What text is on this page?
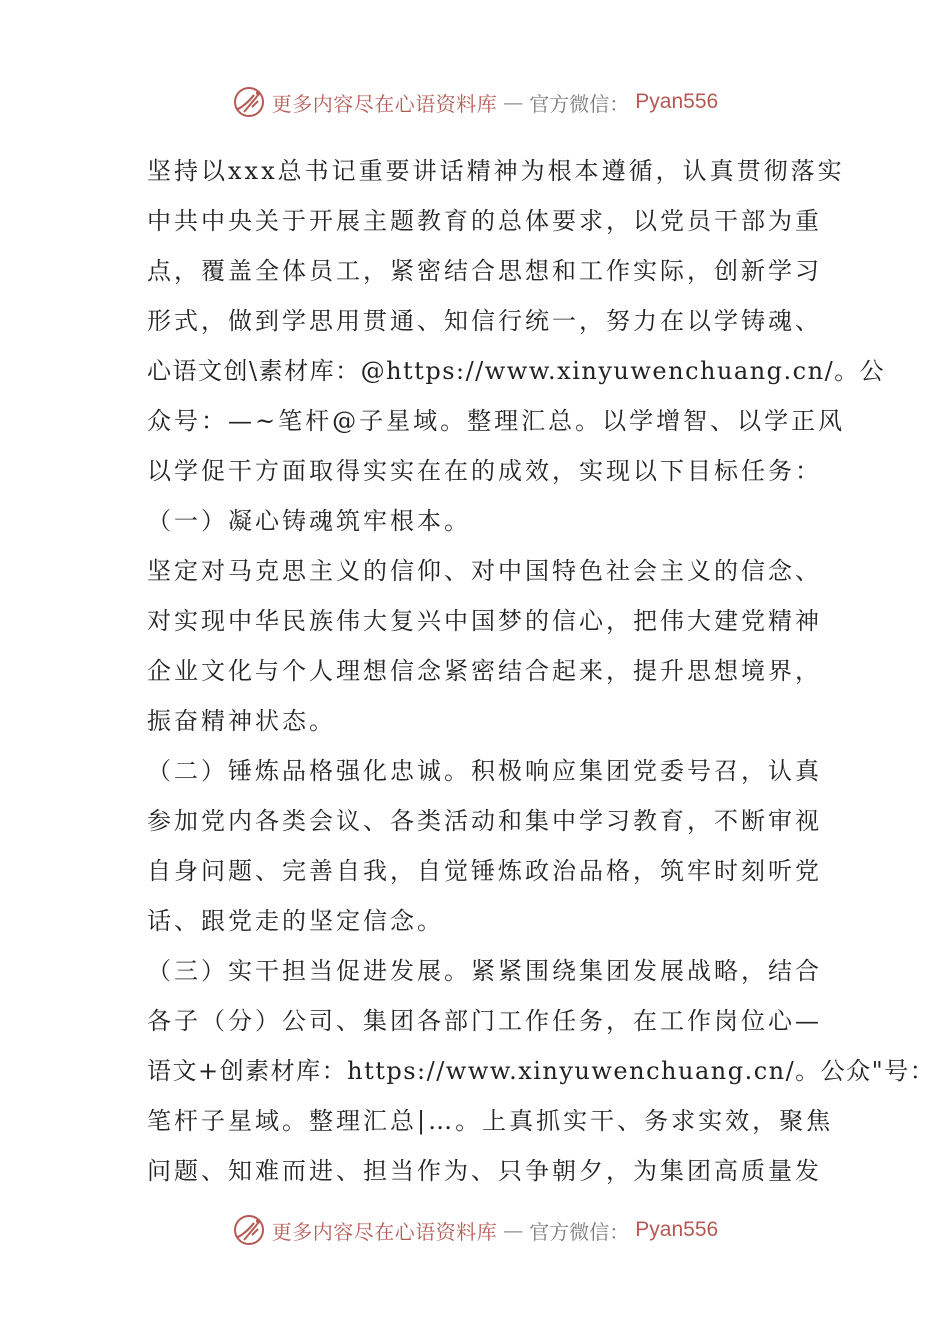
更多内容尽在心语资料库 — 官方微信： Pyan556
坚持以xxx总书记重要讲话精神为根本遵循，认真贯彻落实
中共中央关于开展主题教育的总体要求，以党员干部为重
点，覆盖全体员工，紧密结合思想和工作实际，创新学习
形式，做到学思用贯通、知信行统一，努力在以学铸魂、
心语文创\素材库：@https://www.xinyuwenchuang.cn/。公
众号：—~笔杆@子星域。整理汇总。以学增智、以学正风
以学促干方面取得实实在在的成效，实现以下目标任务：
（一）凝心铸魂筑牢根本。
坚定对马克思主义的信仰、对中国特色社会主义的信念、
对实现中华民族伟大复兴中国梦的信心，把伟大建党精神
企业文化与个人理想信念紧密结合起来，提升思想境界，
振奋精神状态。
（二）锤炼品格强化忠诚。积极响应集团党委号召，认真
参加党内各类会议、各类活动和集中学习教育，不断审视
自身问题、完善自我，自觉锤炼政治品格，筑牢时刻听党
话、跟党走的坚定信念。
（三）实干担当促进发展。紧紧围绕集团发展战略，结合
各子（分）公司、集团各部门工作任务，在工作岗位心—
语文+创素材库：https://www.xinyuwenchuang.cn/。公众"号：
笔杆子星域。整理汇总|…。上真抓实干、务求实效，聚焦
问题、知难而进、担当作为、只争朝夕，为集团高质量发
更多内容尽在心语资料库 — 官方微信： Pyan556
